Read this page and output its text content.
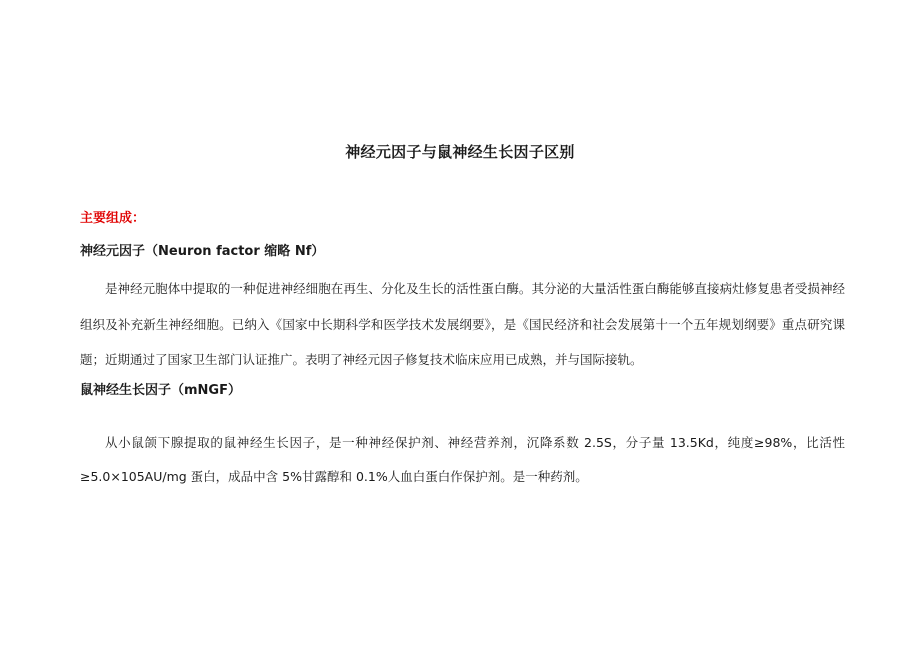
神经元因子与鼠神经生长因子区别
主要组成：
神经元因子（Neuron factor 缩略 Nf）

是神经元胞体中提取的一种促进神经细胞在再生、分化及生长的活性蛋白酶。其分泌的大量活性蛋白酶能够直接病灶修复患者受损神经组织及补充新生神经细胞。已纳入《国家中长期科学和医学技术发展纲要》，是《国民经济和社会发展第十一个五年规划纲要》重点研究课题；近期通过了国家卫生部门认证推广。表明了神经元因子修复技术临床应用已成熟，并与国际接轨。

鼠神经生长因子（mNGF）

从小鼠颌下腺提取的鼠神经生长因子，是一种神经保护剂、神经营养剂，沉降系数 2.5S，分子量 13.5Kd，纯度≥98%，比活性≥5.0×105AU/mg 蛋白，成品中含 5%甘露醇和 0.1%人血白蛋白作保护剂。是一种药剂。
